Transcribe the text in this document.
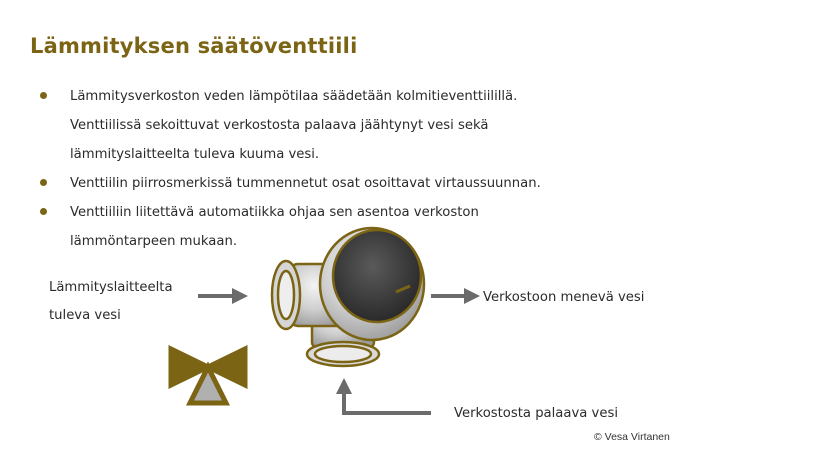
Lämmityksen säätöventtiili
Lämmitysverkoston veden lämpötilaa säädetään kolmitieventtiilillä.
Venttiilissä sekoittuvat verkostosta palaava jäähtynyt vesi sekä
lämmityslaitteelta tuleva kuuma vesi.
Venttiilin piirrosmerkissä tummennetut osat osoittavat virtaussuunnan.
Venttiiliin liitettävä automatiikka ohjaa sen asentoa verkoston
lämmöntarpeen mukaan.
Lämmityslaitteelta
tuleva vesi
Verkostoon menevä vesi
Verkostosta palaava vesi
© Vesa Virtanen
